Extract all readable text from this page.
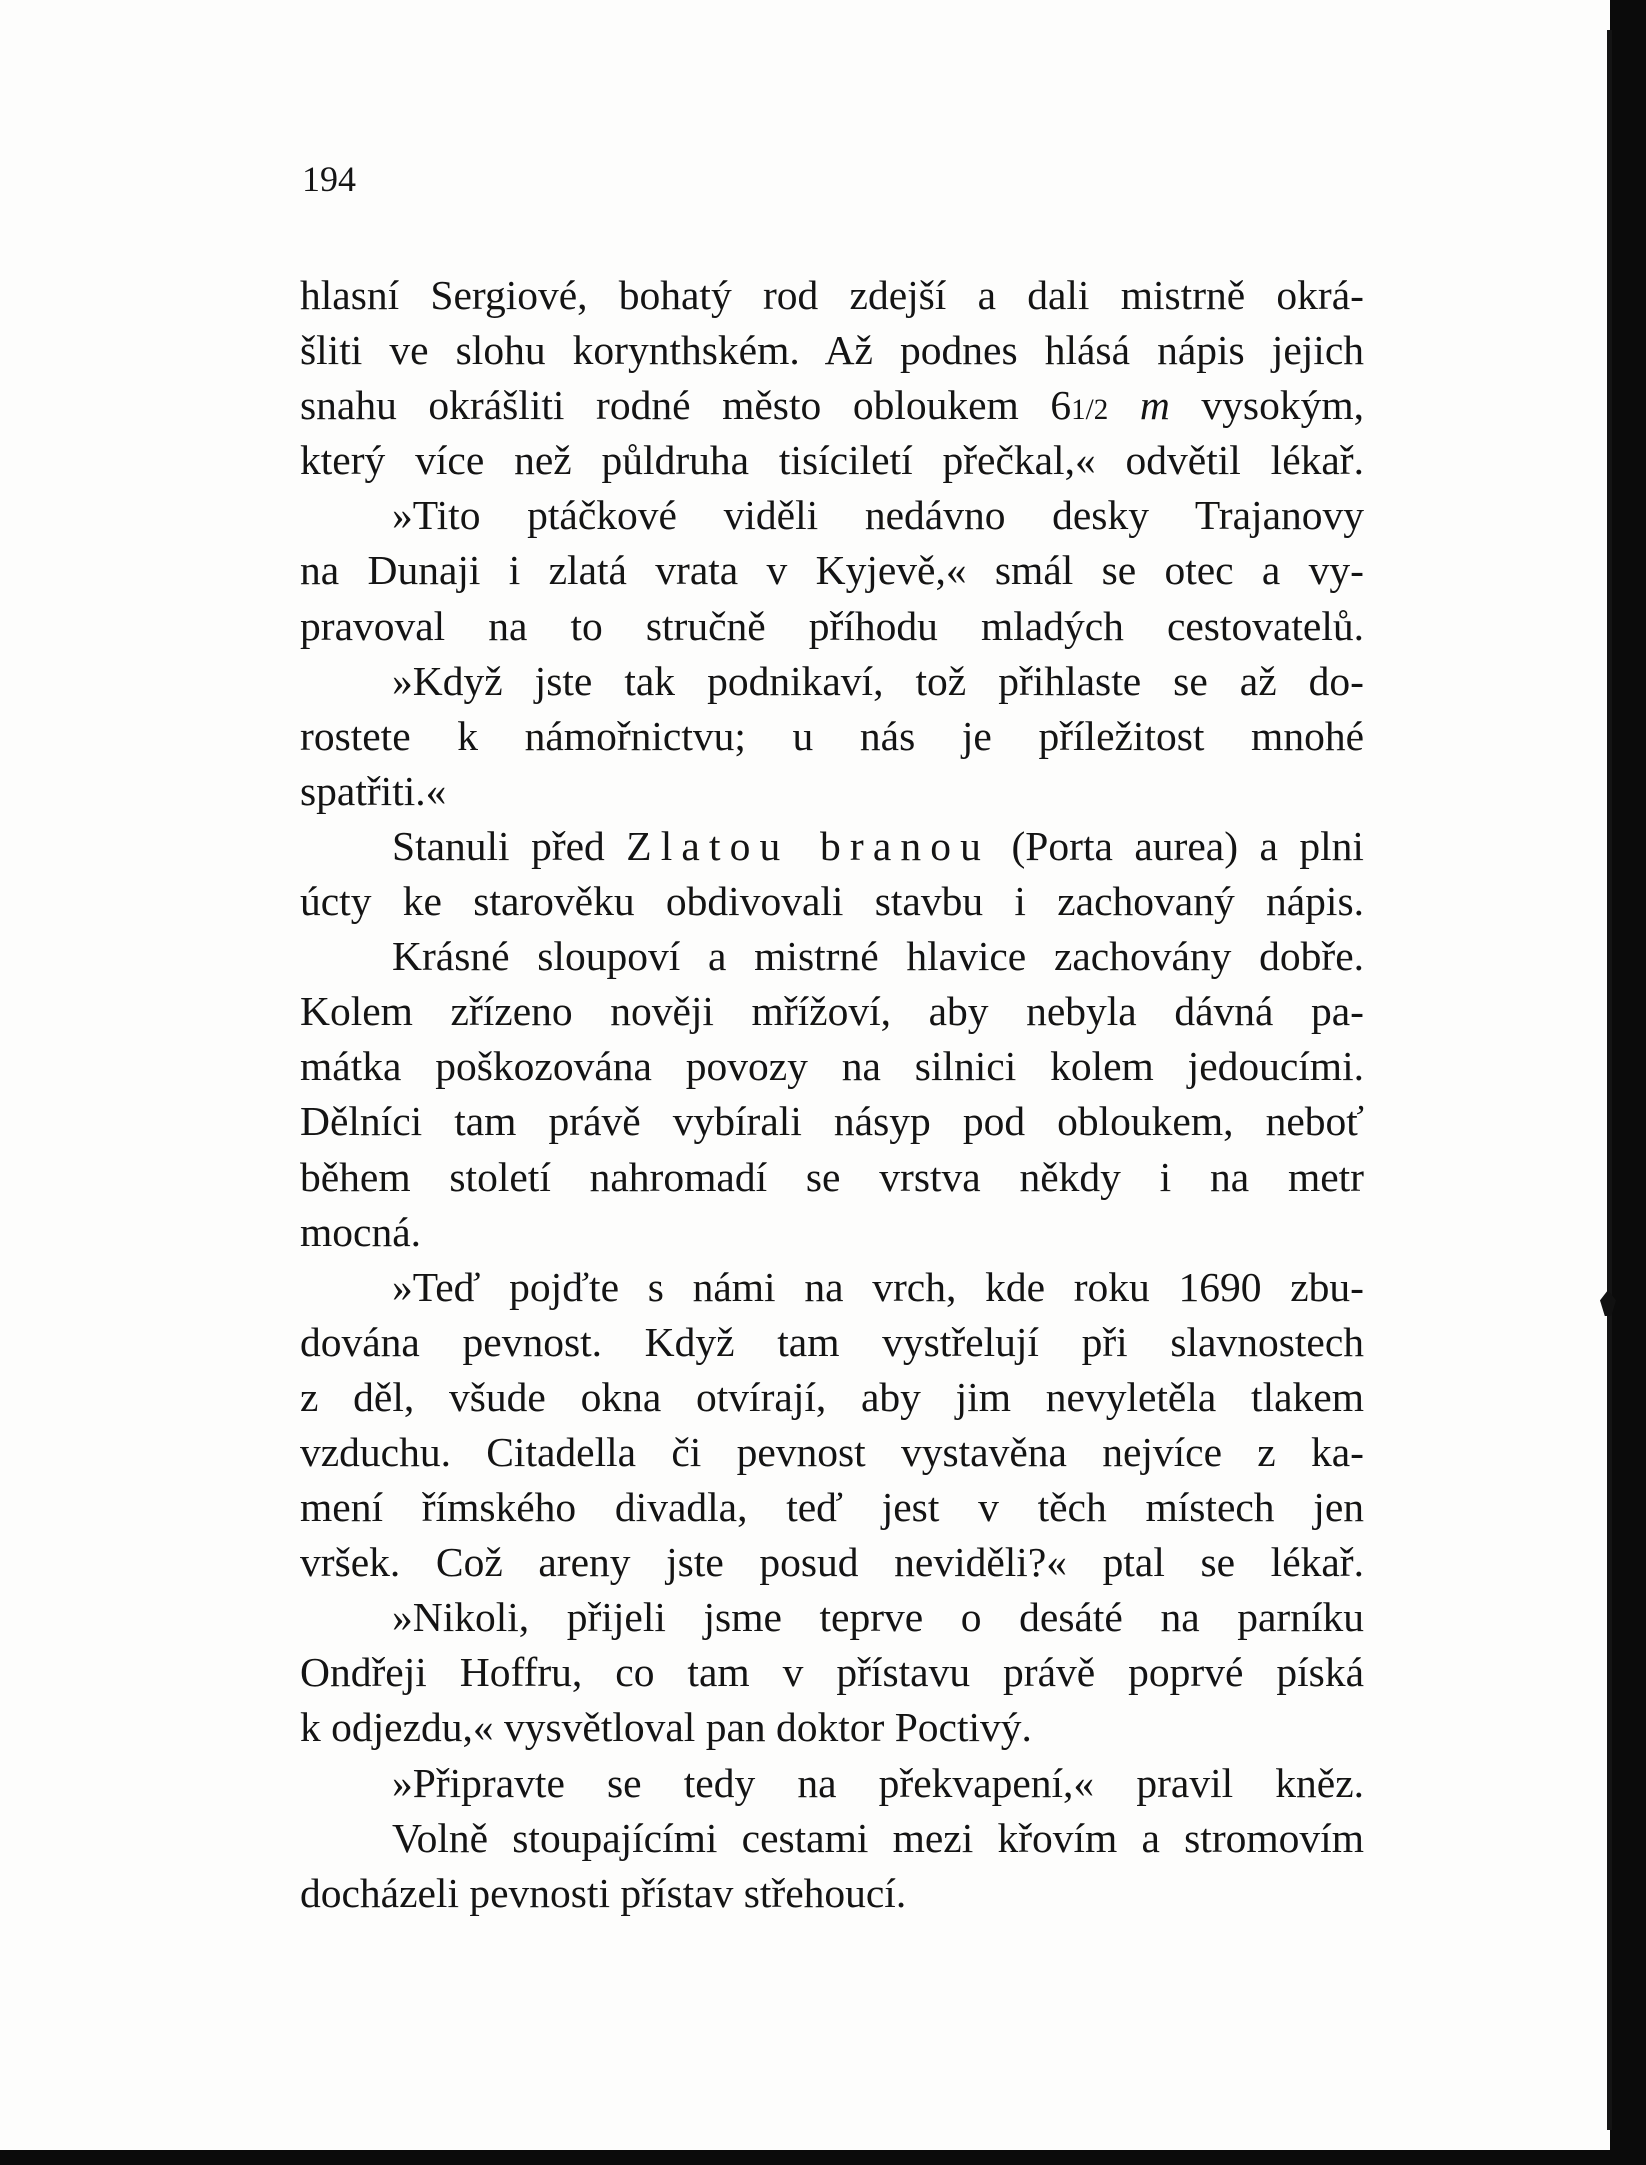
194
hlasní Sergiové, bohatý rod zdejší a dali mistrně okrá-
šliti ve slohu korynthském. Až podnes hlásá nápis jejich
snahu okrášliti rodné město obloukem 61/2 m vysokým,
který více než půldruha tisíciletí přečkal,« odvětil lékař.
»Tito ptáčkové viděli nedávno desky Trajanovy
na Dunaji i zlatá vrata v Kyjevě,« smál se otec a vy-
pravoval na to stručně příhodu mladých cestovatelů.
»Když jste tak podnikaví, tož přihlaste se až do-
rostete k námořnictvu; u nás je příležitost mnohé
spatřiti.«
Stanuli před Zlatou branou (Porta aurea) a plni
úcty ke starověku obdivovali stavbu i zachovaný nápis.
Krásné sloupoví a mistrné hlavice zachovány dobře.
Kolem zřízeno nověji mřížoví, aby nebyla dávná pa-
mátka poškozována povozy na silnici kolem jedoucími.
Dělníci tam právě vybírali násyp pod obloukem, neboť
během století nahromadí se vrstva někdy i na metr
mocná.
»Teď pojďte s námi na vrch, kde roku 1690 zbu-
dována pevnost. Když tam vystřelují při slavnostech
z děl, všude okna otvírají, aby jim nevyletěla tlakem
vzduchu. Citadella či pevnost vystavěna nejvíce z ka-
mení římského divadla, teď jest v těch místech jen
vršek. Což areny jste posud neviděli?« ptal se lékař.
»Nikoli, přijeli jsme teprve o desáté na parníku
Ondřeji Hoffru, co tam v přístavu právě poprvé píská
k odjezdu,« vysvětloval pan doktor Poctivý.
»Připravte se tedy na překvapení,« pravil kněz.
Volně stoupajícími cestami mezi křovím a stromovím
docházeli pevnosti přístav střehoucí.
